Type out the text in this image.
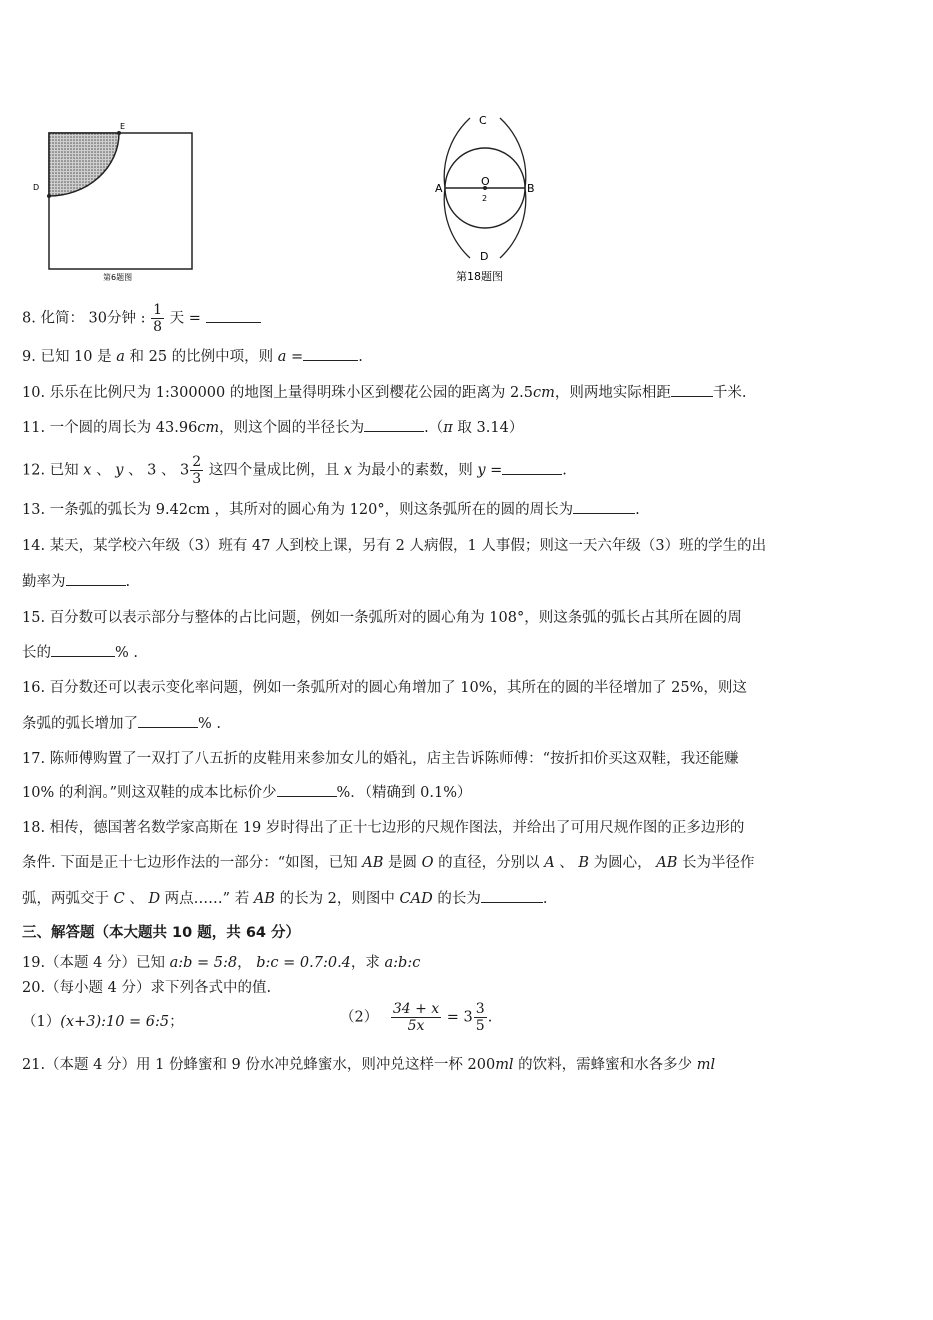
E
D
第6题图
C
O
A	B
D
2
第18题图
8. 化简： 30分钟 : $\frac{1}{8}$ 天 =
9. 已知 10 是 a 和 25 的比例中项，则 a =	.
10. 乐乐在比例尺为 1:300000 的地图上量得明珠小区到樱花公园的距离为 2.5cm，则两地实际相距	千米.
11. 一个圆的周长为 43.96cm，则这个圆的半径长为	.（π 取 3.14）
12. 已知 x 、 y 、 3 、 $3 \frac{2}{3}$ 这四个量成比例，且 x 为最小的素数，则 y =	.
13. 一条弧的弧长为 9.42cm ，其所对的圆心角为 120°，则这条弧所在的圆的周长为	.
14. 某天，某学校六年级（3）班有 47 人到校上课，另有 2 人病假，1 人事假；则这一天六年级（3）班的学生的出
勤率为	.
15. 百分数可以表示部分与整体的占比问题，例如一条弧所对的圆心角为 108°，则这条弧的弧长占其所在圆的周
长的	% .
16. 百分数还可以表示变化率问题，例如一条弧所对的圆心角增加了 10%，其所在的圆的半径增加了 25%，则这
条弧的弧长增加了	% .
17. 陈师傅购置了一双打了八五折的皮鞋用来参加女儿的婚礼，店主告诉陈师傅：“按折扣价买这双鞋，我还能赚
10% 的利润。”则这双鞋的成本比标价少	%．（精确到 0.1%）
18. 相传，德国著名数学家高斯在 19 岁时得出了正十七边形的尺规作图法，并给出了可用尺规作图的正多边形的
条件. 下面是正十七边形作法的一部分：“如图，已知 AB 是圆 O 的直径，分别以 A 、 B 为圆心， AB 长为半径作
弧，两弧交于 C 、 D 两点……” 若 AB 的长为 2，则图中 CAD 的长为	.
三、解答题（本大题共 10 题，共 64 分）
19.（本题 4 分）已知 a:b = 5:8， b:c = 0.7:0.4，求 a:b:c
20.（每小题 4 分）求下列各式中的值.
（1）(x+3):10 = 6:5；	$(2) \frac{34 + x}{5x} = 3 \frac{3}{5}$ .
21.（本题 4 分）用 1 份蜂蜜和 9 份水冲兑蜂蜜水，则冲兑这样一杯 200ml 的饮料，需蜂蜜和水各多少 ml
